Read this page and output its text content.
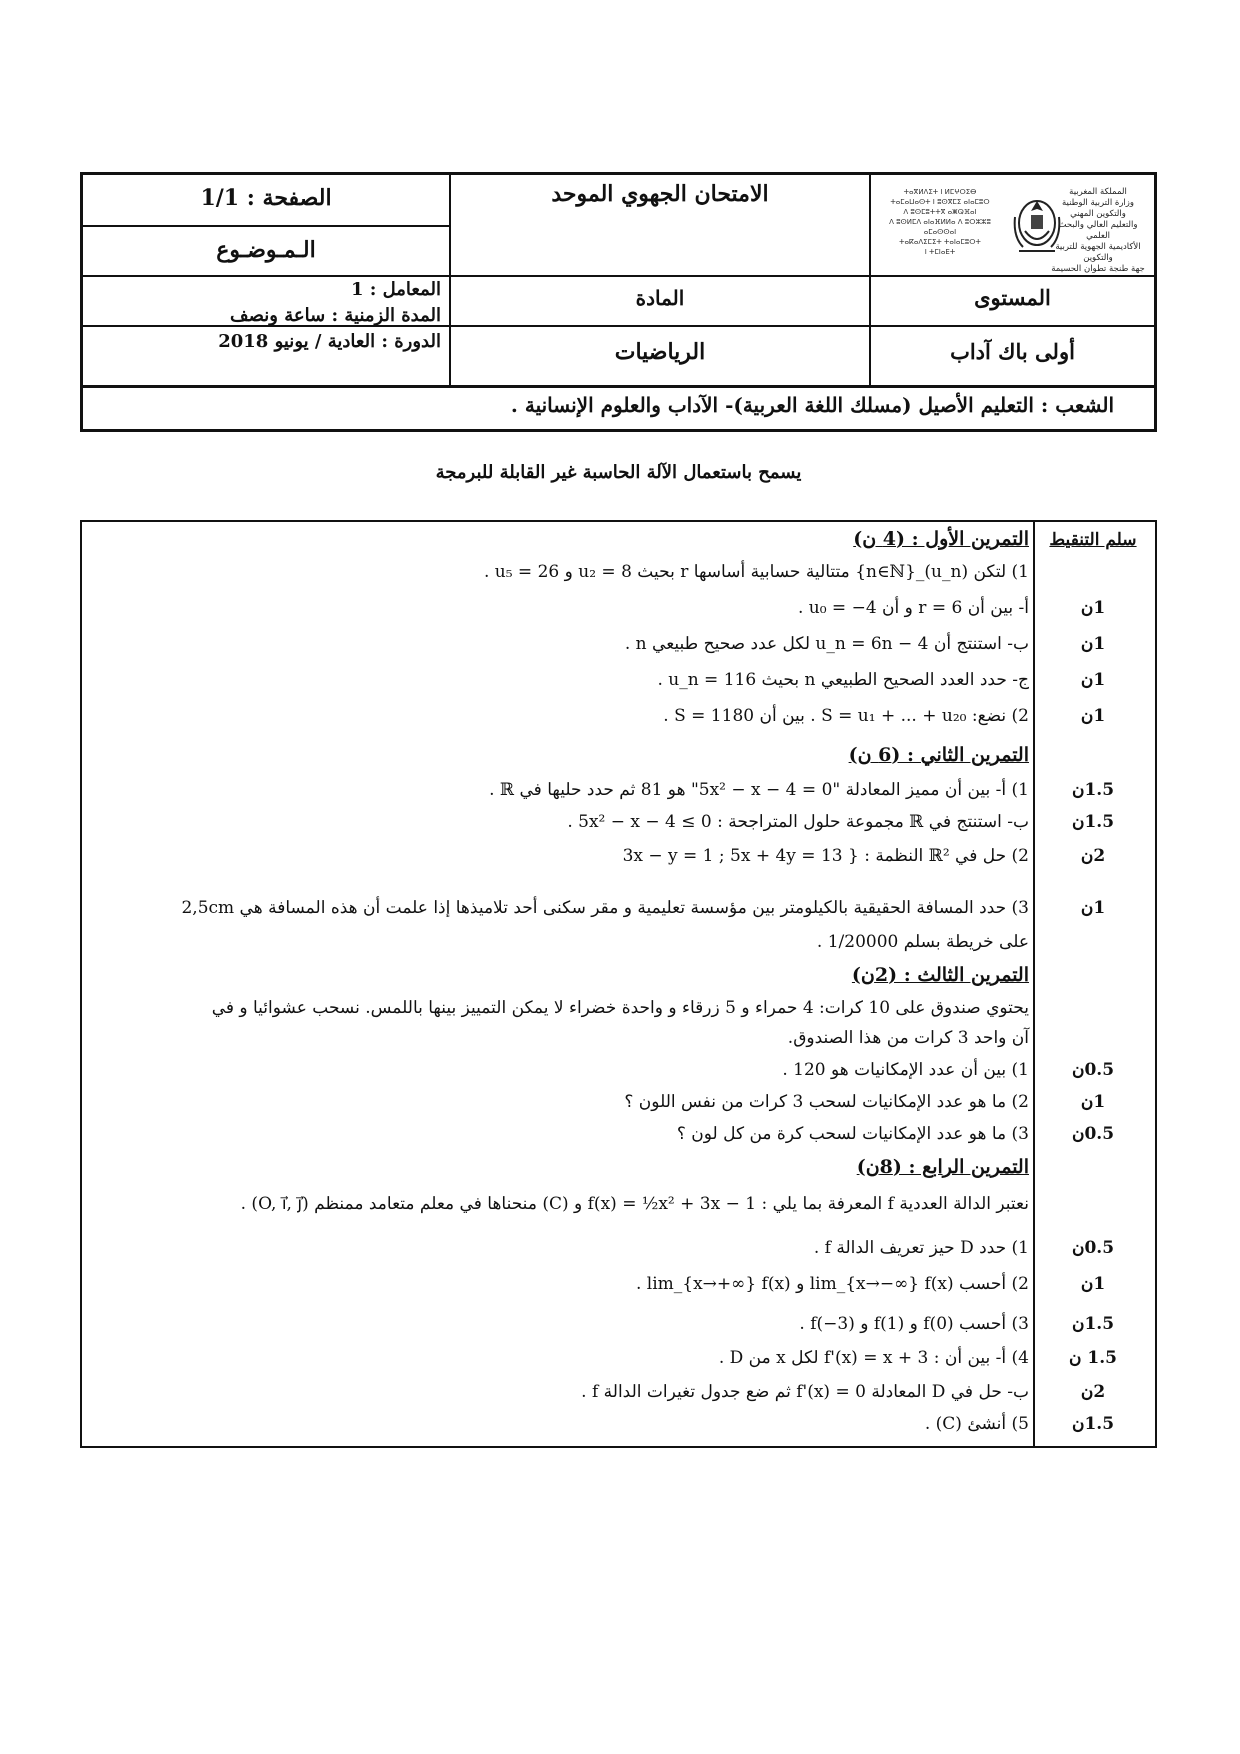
الصفحة : 1/1
الـمـوضـوع
الامتحان الجهوي الموحد	ⵜⴰⴳⵍⴷⵉⵜ ⵏ ⵍⵎⵖⵔⵉⴱ
ⵜⴰⵎⴰⵡⴰⵙⵜ ⵏ ⵓⵙⴳⵎⵉ ⴰⵏⴰⵎⵓⵔ
ⴷ ⵓⵙⵎⵓⵜⵜⴳ ⴰⵥⵕⴼⴰⵏ
ⴷ ⵓⵙⵍⵎⴷ ⴰⵏⴰⴼⵍⵍⴰ ⴷ ⵓⵔⵣⵣⵓ ⴰⵎⴰⵙⵙⴰⵏ
ⵜⴰⴽⴰⴷⵉⵎⵉⵜ ⵜⴰⵏⴰⵎⵓⵔⵜ
ⵏ ⵜⵎⵏⴰⴹⵜ
المملكة المغربية
وزارة التربية الوطنية
والتكوين المهني
والتعليم العالي والبحث العلمي
الأكاديمية الجهوية للتربية والتكوين
جهة طنجة تطوان الحسيمة
المعامل : 1	المادة	المستوى
المدة الزمنية : ساعة ونصف
الدورة : العادية / يونيو 2018	الرياضيات	أولى باك آداب
الشعب : التعليم الأصيل (مسلك اللغة العربية)- الآداب والعلوم الإنسانية .
يسمح باستعمال الآلة الحاسبة غير القابلة للبرمجة
سلم التنقيط
التمرين الأول : (4 ن)
1) لتكن (u_n)_{n∈ℕ} متتالية حسابية أساسها r بحيث u₂ = 8 و u₅ = 26 .
أ- بين أن r = 6 و أن u₀ = −4 .	1ن
ب- استنتج أن u_n = 6n − 4 لكل عدد صحيح طبيعي n .	1ن
ج- حدد العدد الصحيح الطبيعي n بحيث u_n = 116 .	1ن
2) نضع: S = u₁ + ... + u₂₀ . بين أن S = 1180 .	1ن
التمرين الثاني : (6 ن)
1) أ- بين أن مميز المعادلة "0 = 5x² − x − 4" هو 81 ثم حدد حليها في ℝ .	1.5ن
ب- استنتج في ℝ مجموعة حلول المتراجحة : 5x² − x − 4 ≤ 0 .	1.5ن
2) حل في ℝ² النظمة : { 3x − y = 1 ; 5x + 4y = 13	2ن
3) حدد المسافة الحقيقية بالكيلومتر بين مؤسسة تعليمية و مقر سكنى أحد تلاميذها إذا علمت أن هذه المسافة هي 2,5cm	1ن
على خريطة بسلم 1/20000 .
التمرين الثالث : (2ن)
يحتوي صندوق على 10 كرات: 4 حمراء و 5 زرقاء و واحدة خضراء لا يمكن التمييز بينها باللمس. نسحب عشوائيا و في
آن واحد 3 كرات من هذا الصندوق.
1) بين أن عدد الإمكانيات هو 120 .	0.5ن
2) ما هو عدد الإمكانيات لسحب 3 كرات من نفس اللون ؟	1ن
3) ما هو عدد الإمكانيات لسحب كرة من كل لون ؟	0.5ن
التمرين الرابع : (8ن)
نعتبر الدالة العددية f المعرفة بما يلي : f(x) = ½x² + 3x − 1 و (C) منحناها في معلم متعامد ممنظم (O, i⃗, j⃗) .
1) حدد D حيز تعريف الدالة f .	0.5ن
2) أحسب lim_{x→−∞} f(x) و lim_{x→+∞} f(x) .	1ن
3) أحسب f(0) و f(1) و f(−3) .	1.5ن
4) أ- بين أن : f'(x) = x + 3 لكل x من D .	1.5 ن
ب- حل في D المعادلة f'(x) = 0 ثم ضع جدول تغيرات الدالة f .	2ن
5) أنشئ (C) .	1.5ن
